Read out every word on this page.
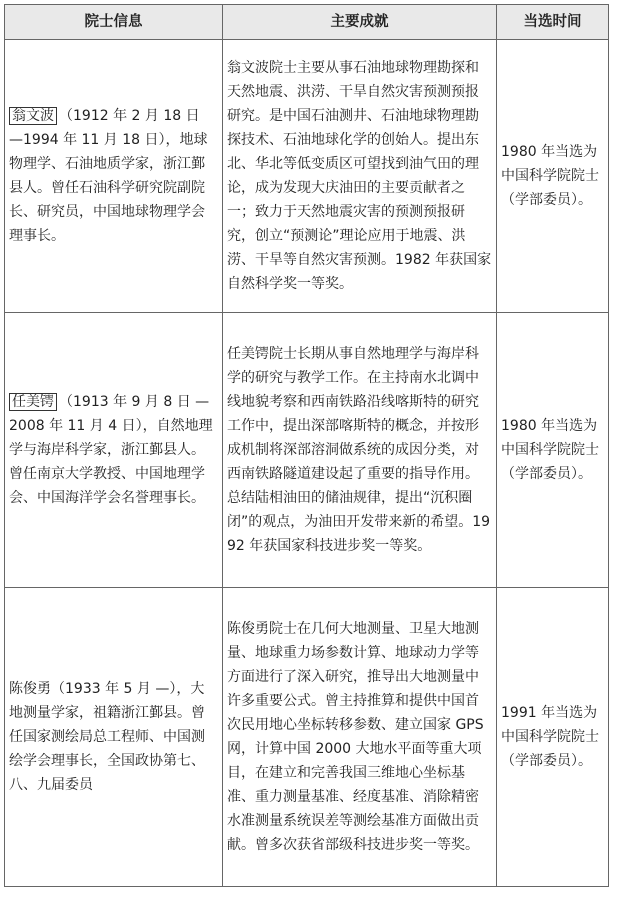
院士信息	主要成就	当选时间
翁文波 （1912 年 2 月 18 日 —1994 年 11 月 18 日），地球物理学、石油地质学家，浙江鄞县人。曾任石油科学研究院副院长、研究员，中国地球物理学会理事长。	翁文波院士主要从事石油地球物理勘探和天然地震、洪涝、干旱自然灾害预测预报研究。是中国石油测井、石油地球物理勘探技术、石油地球化学的创始人。提出东北、华北等低变质区可望找到油气田的理论，成为发现大庆油田的主要贡献者之一；致力于天然地震灾害的预测预报研究，创立“预测论”理论应用于地震、洪涝、干旱等自然灾害预测。1982 年获国家自然科学奖一等奖。	1980 年当选为中国科学院院士（学部委员）。
任美锷 （1913 年 9 月 8 日 —2008 年 11 月 4 日），自然地理学与海岸科学家，浙江鄞县人。曾任南京大学教授、中国地理学会、中国海洋学会名誉理事长。	任美锷院士长期从事自然地理学与海岸科学的研究与教学工作。在主持南水北调中线地貌考察和西南铁路沿线喀斯特的研究工作中，提出深部喀斯特的概念，并按形成机制将深部溶洞做系统的成因分类，对西南铁路隧道建设起了重要的指导作用。总结陆相油田的储油规律，提出“沉积圈闭”的观点，为油田开发带来新的希望。1992 年获国家科技进步奖一等奖。	1980 年当选为中国科学院院士（学部委员）。
陈俊勇（1933 年 5 月 —），大地测量学家，祖籍浙江鄞县。曾任国家测绘局总工程师、中国测绘学会理事长，全国政协第七、八、九届委员	陈俊勇院士在几何大地测量、卫星大地测量、地球重力场参数计算、地球动力学等方面进行了深入研究，推导出大地测量中许多重要公式。曾主持推算和提供中国首次民用地心坐标转移参数、建立国家 GPS 网，计算中国 2000 大地水平面等重大项目，在建立和完善我国三维地心坐标基准、重力测量基准、经度基准、消除精密水准测量系统误差等测绘基准方面做出贡献。曾多次获省部级科技进步奖一等奖。	1991 年当选为中国科学院院士（学部委员）。
